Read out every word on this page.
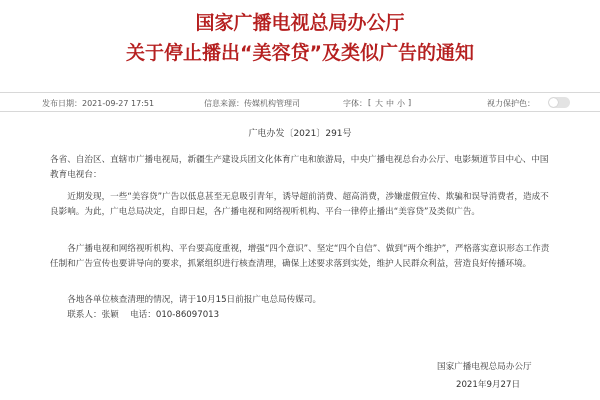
国家广播电视总局办公厅
关于停止播出“美容贷”及类似广告的通知
发布日期：2021-09-27 17:51	信息来源：传媒机构管理司	字体： [ 大 中 小 ]	视力保护色：
广电办发〔2021〕291号
各省、自治区、直辖市广播电视局，新疆生产建设兵团文化体育广电和旅游局，中央广播电视总台办公厅、电影频道节目中心、中国教育电视台：
近期发现，一些“美容贷”广告以低息甚至无息吸引青年，诱导超前消费、超高消费，涉嫌虚假宣传、欺骗和误导消费者，造成不良影响。为此，广电总局决定，自即日起，各广播电视和网络视听机构、平台一律停止播出“美容贷”及类似广告。
各广播电视和网络视听机构、平台要高度重视，增强“四个意识”、坚定“四个自信”、做到“两个维护”，严格落实意识形态工作责任制和广告宣传也要讲导向的要求，抓紧组织进行核查清理，确保上述要求落到实处，维护人民群众利益，营造良好传播环境。
各地各单位核查清理的情况，请于10月15日前报广电总局传媒司。
联系人：张颖　 电话：010-86097013
国家广播电视总局办公厅
2021年9月27日
